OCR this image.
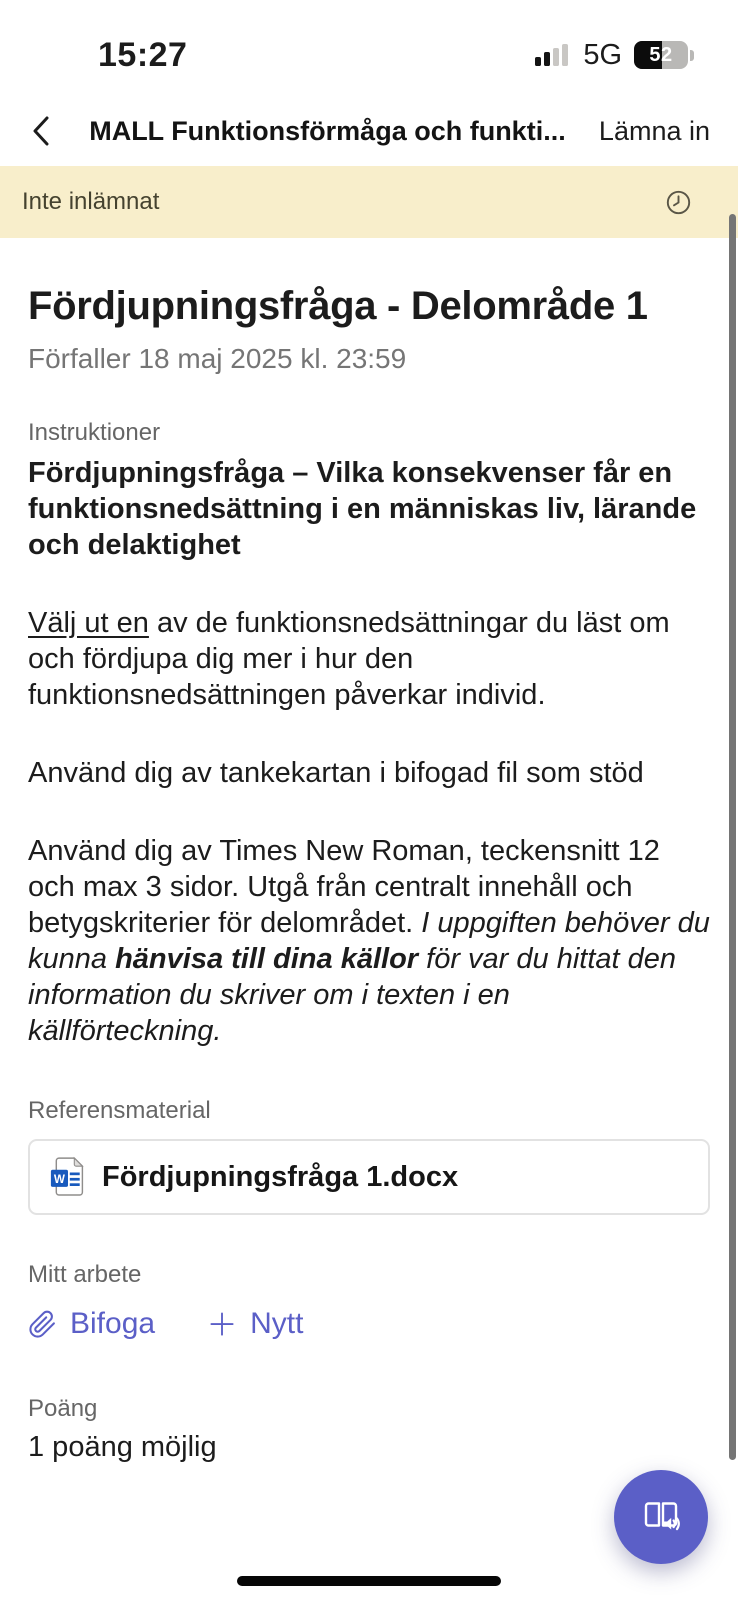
15:27	5G	52
MALL Funktionsförmåga och funkti...	Lämna in
Inte inlämnat
Fördjupningsfråga - Delområde 1
Förfaller 18 maj 2025 kl. 23:59
Instruktioner
Fördjupningsfråga – Vilka konsekvenser får en funktionsnedsättning i en människas liv, lärande och delaktighet

Välj ut en av de funktionsnedsättningar du läst om och fördjupa dig mer i hur den funktionsnedsättningen påverkar individ.

Använd dig av tankekartan i bifogad fil som stöd

Använd dig av Times New Roman, teckensnitt 12 och max 3 sidor. Utgå från centralt innehåll och betygskriterier för delområdet. I uppgiften behöver du kunna hänvisa till dina källor för var du hittat den information du skriver om i texten i en källförteckning.

Referensmaterial
W Fördjupningsfråga 1.docx
Mitt arbete
Bifoga	Nytt
Poäng
1 poäng möjlig
